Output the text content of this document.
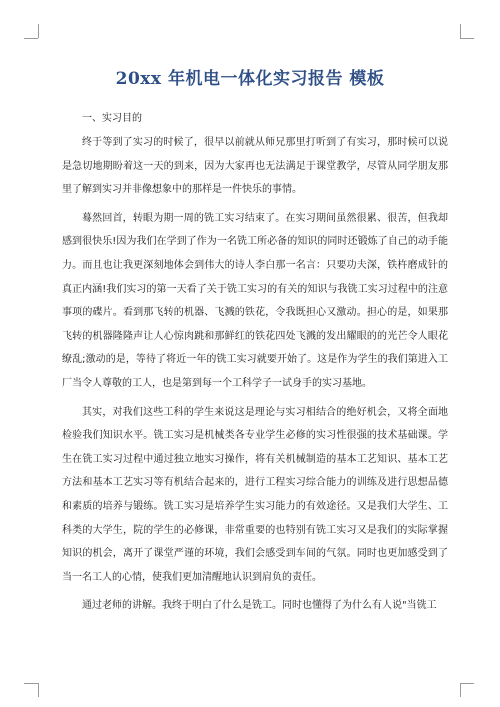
20xx 年机电一体化实习报告 模板

一、实习目的

终于等到了实习的时候了，很早以前就从师兄那里打听到了有实习，那时候可以说是急切地期盼着这一天的到来，因为大家再也无法满足于课堂教学，尽管从同学朋友那里了解到实习并非像想象中的那样是一件快乐的事情。

蓦然回首，转眼为期一周的铣工实习结束了。在实习期间虽然很累、很苦，但我却感到很快乐!因为我们在学到了作为一名铣工所必备的知识的同时还锻炼了自己的动手能力。而且也让我更深刻地体会到伟大的诗人李白那一名言：只要功夫深，铁杵磨成针的真正内涵!我们实习的第一天看了关于铣工实习的有关的知识与我铣工实习过程中的注意事项的碟片。看到那飞转的机器、飞溅的铁花，令我既担心又激动。担心的是，如果那飞转的机器隆隆声让人心惊肉跳和那鲜红的铁花四处飞溅的发出耀眼的的光芒令人眼花缭乱;激动的是，等待了将近一年的铣工实习就要开始了。这是作为学生的我们第进入工厂当令人尊敬的工人，也是第到每一个工科学子一试身手的实习基地。

其实，对我们这些工科的学生来说这是理论与实习相结合的绝好机会，又将全面地检验我们知识水平。铣工实习是机械类各专业学生必修的实习性很强的技术基础课。学生在铣工实习过程中通过独立地实习操作，将有关机械制造的基本工艺知识、基本工艺方法和基本工艺实习等有机结合起来的，进行工程实习综合能力的训练及进行思想品德和素质的培养与锻练。铣工实习是培养学生实习能力的有效途径。又是我们大学生、工科类的大学生，院的学生的必修课，非常重要的也特别有铣工实习又是我们的实际掌握知识的机会，离开了课堂严谨的环境，我们会感受到车间的气氛。同时也更加感受到了当一名工人的心情，使我们更加清醒地认识到肩负的责任。

通过老师的讲解。我终于明白了什么是铣工。同时也懂得了为什么有人说"当铣工
